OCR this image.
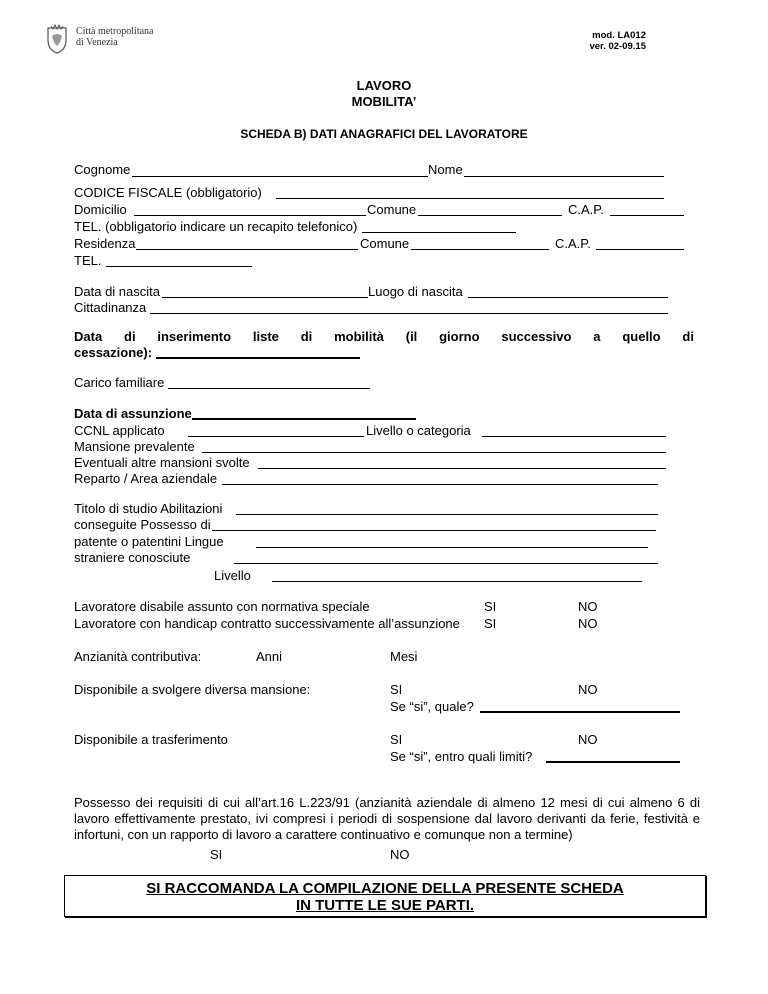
Città metropolitana
di Venezia
mod. LA012
ver. 02-09.15
LAVORO
MOBILITA’
SCHEDA B) DATI ANAGRAFICI DEL LAVORATORE
Cognome	Nome
CODICE FISCALE (obbligatorio)
Domicilio	Comune	C.A.P.
TEL. (obbligatorio indicare un recapito telefonico)
Residenza	Comune	C.A.P.
TEL.
Data di nascita	Luogo di nascita
Cittadinanza
Data di inserimento liste di mobilità (il giorno successivo a quello di
cessazione):
Carico familiare
Data di assunzione
CCNL applicato	Livello o categoria
Mansione prevalente
Eventuali altre mansioni svolte
Reparto / Area aziendale
Titolo di studio Abilitazioni
conseguite Possesso di
patente o patentini Lingue
straniere conosciute
Livello
Lavoratore disabile assunto con normativa speciale	SI	NO
Lavoratore con handicap contratto successivamente all’assunzione SI	NO
Anzianità contributiva:	Anni	Mesi
Disponibile a svolgere diversa mansione:	SI	NO
Se “si”, quale?
Disponibile a trasferimento	SI	NO
Se “si”, entro quali limiti?
Possesso dei requisiti di cui all’art.16 L.223/91 (anzianità aziendale di almeno 12 mesi di cui almeno 6 di lavoro effettivamente prestato, ivi compresi i periodi di sospensione dal lavoro derivanti da ferie, festività e infortuni, con un rapporto di lavoro a carattere continuativo e comunque non a termine)
SI	NO
SI RACCOMANDA LA COMPILAZIONE DELLA PRESENTE SCHEDA
IN TUTTE LE SUE PARTI.
